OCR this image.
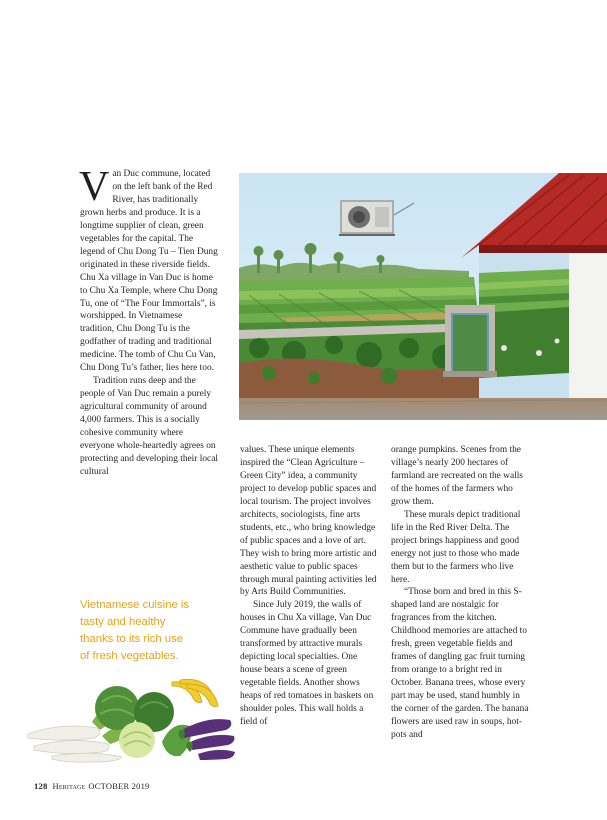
Van Duc commune, located on the left bank of the Red River, has traditionally grown herbs and produce. It is a longtime supplier of clean, green vegetables for the capital. The legend of Chu Dong Tu – Tien Dung originated in these riverside fields. Chu Xa village in Van Duc is home to Chu Xa Temple, where Chu Dong Tu, one of “The Four Immortals”, is worshipped. In Vietnamese tradition, Chu Dong Tu is the godfather of trading and traditional medicine. The tomb of Chu Cu Van, Chu Dong Tu’s father, lies here too.

Tradition runs deep and the people of Van Duc remain a purely agricultural community of around 4,000 farmers. This is a socially cohesive community where everyone whole-heartedly agrees on protecting and developing their local cultural

Vietnamese cuisine is
tasty and healthy
thanks to its rich use
of fresh vegetables.

values. These unique elements inspired the “Clean Agriculture – Green City” idea, a community project to develop public spaces and local tourism. The project involves architects, sociologists, fine arts students, etc., who bring knowledge of public spaces and a love of art. They wish to bring more artistic and aesthetic value to public spaces through mural painting activities led by Arts Build Communities.

Since July 2019, the walls of houses in Chu Xa village, Van Duc Commune have gradually been transformed by attractive murals depicting local specialties. One house bears a scene of green vegetable fields. Another shows heaps of red tomatoes in baskets on shoulder poles. This wall holds a field of

orange pumpkins. Scenes from the village’s nearly 200 hectares of farmland are recreated on the walls of the homes of the farmers who grow them.

These murals depict traditional life in the Red River Delta. The project brings happiness and good energy not just to those who made them but to the farmers who live here.

“Those born and bred in this S-shaped land are nostalgic for fragrances from the kitchen. Childhood memories are attached to fresh, green vegetable fields and frames of dangling gac fruit turning from orange to a bright red in October. Banana trees, whose every part may be used, stand humbly in the corner of the garden. The banana flowers are used raw in soups, hot-pots and

128 Heritage OCTOBER 2019
